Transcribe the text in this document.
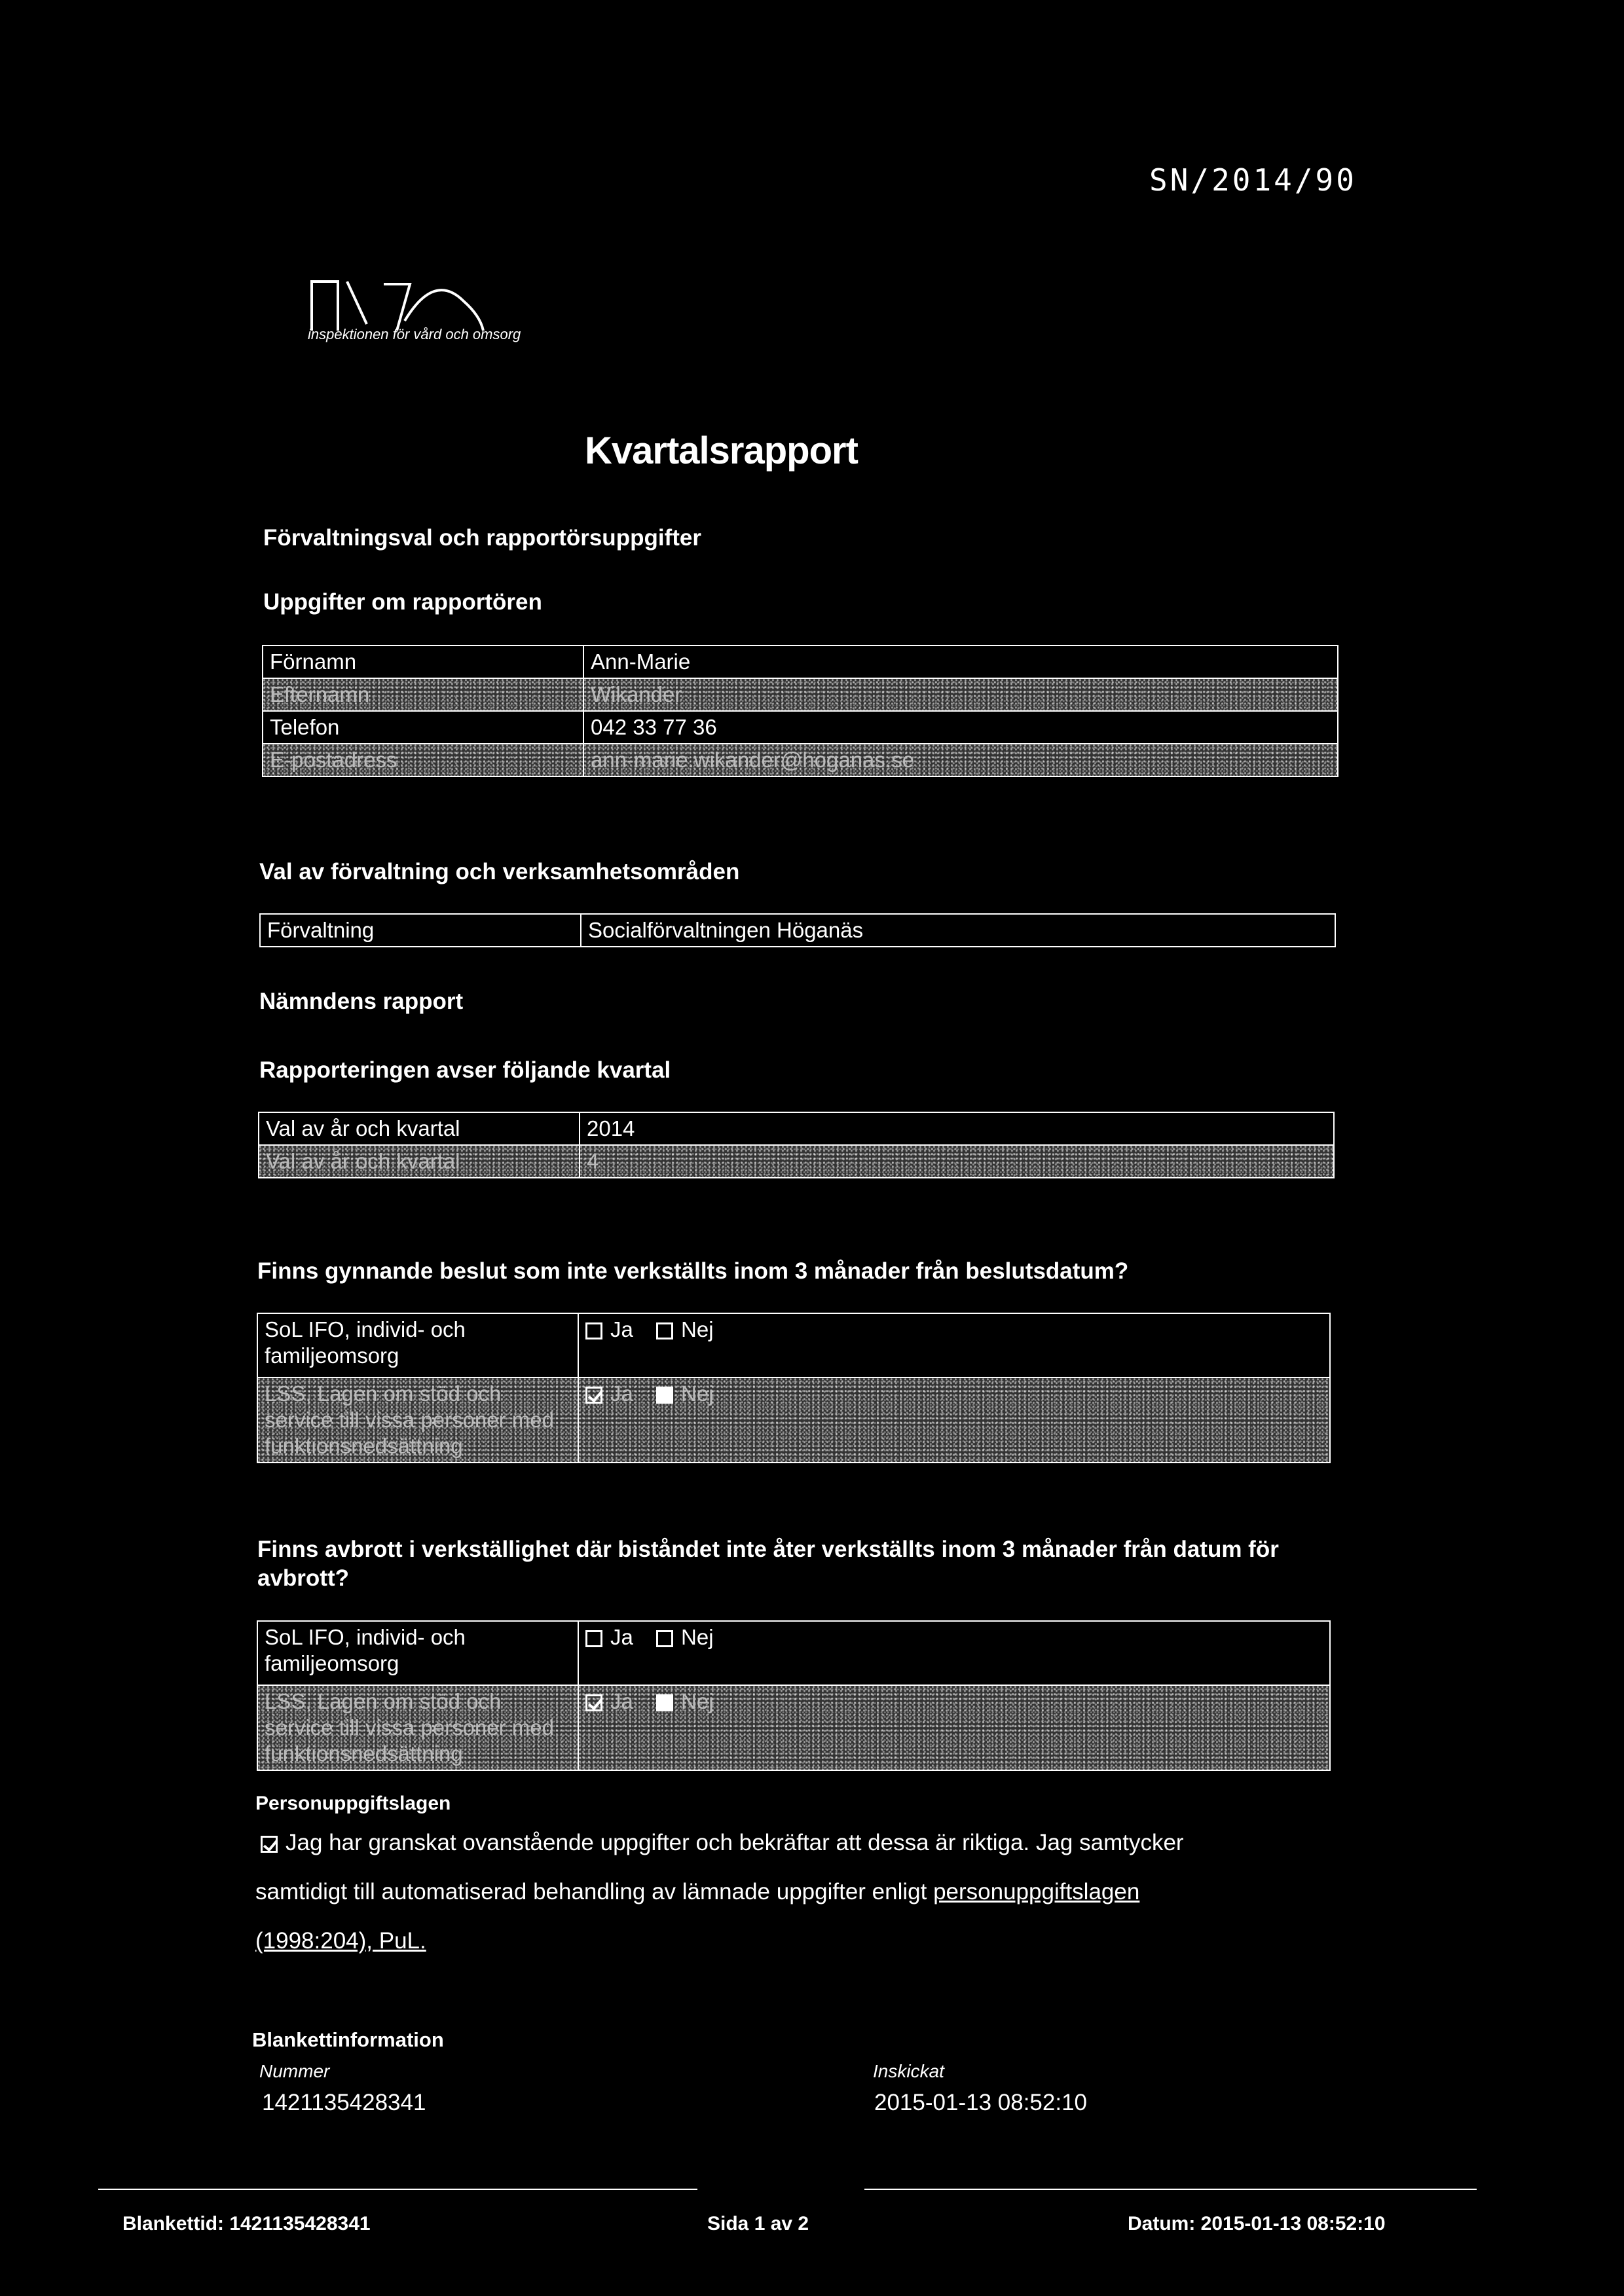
SN/2014/90
inspektionen för vård och omsorg
Kvartalsrapport
Förvaltningsval och rapportörsuppgifter
Uppgifter om rapportören
Förnamn	Ann-Marie
Efternamn	Wikander
Telefon	042 33 77 36
E-postadress	ann-marie.wikander@hoganas.se
Val av förvaltning och verksamhetsområden
Förvaltning	Socialförvaltningen Höganäs
Nämndens rapport
Rapporteringen avser följande kvartal
Val av år och kvartal	2014
Val av år och kvartal	4
Finns gynnande beslut som inte verkställts inom 3 månader från beslutsdatum?
SoL IFO, individ- och familjeomsorg	Ja Nej
LSS, Lagen om stöd och service till vissa personer med funktionsnedsättning	Ja Nej
Finns avbrott i verkställighet där biståndet inte åter verkställts inom 3 månader från datum för avbrott?
SoL IFO, individ- och familjeomsorg	Ja Nej
LSS, Lagen om stöd och service till vissa personer med funktionsnedsättning	Ja Nej
Personuppgiftslagen
Jag har granskat ovanstående uppgifter och bekräftar att dessa är riktiga. Jag samtycker
samtidigt till automatiserad behandling av lämnade uppgifter enligt personuppgiftslagen
(1998:204), PuL.
Blankettinformation
Nummer
1421135428341
Inskickat
2015-01-13 08:52:10
Blankettid: 1421135428341	Sida 1 av 2	Datum: 2015-01-13 08:52:10
